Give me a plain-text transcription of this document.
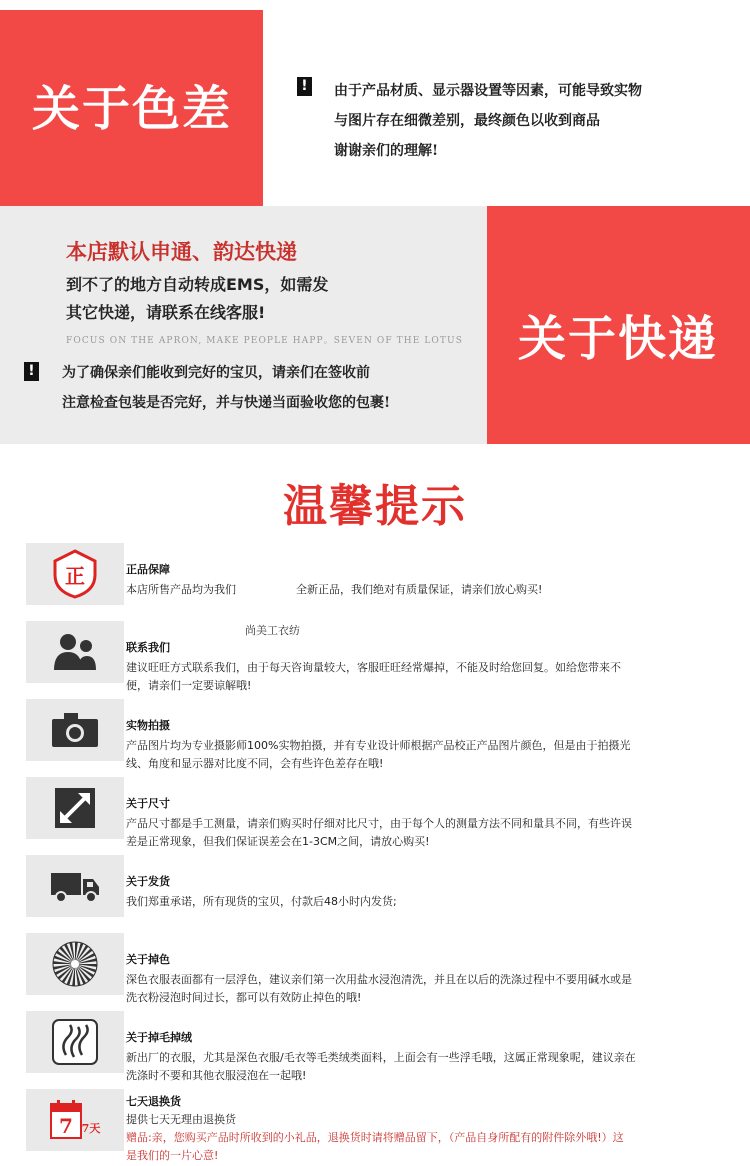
关于色差	!	由于产品材质、显示器设置等因素，可能导致实物
与图片存在细微差别，最终颜色以收到商品
谢谢亲们的理解!
关于快递
本店默认申通、韵达快递
到不了的地方自动转成EMS，如需发
其它快递，请联系在线客服!
FOCUS ON THE APRON, MAKE PEOPLE HAPP。SEVEN OF THE LOTUS
!	为了确保亲们能收到完好的宝贝，请亲们在签收前
注意检查包装是否完好，并与快递当面验收您的包裹!
温馨提示
正	正品保障
本店所售产品均为我们	全新正品，我们绝对有质量保证，请亲们放心购买!
尚美工衣纺
联系我们
建议旺旺方式联系我们，由于每天咨询量较大，客服旺旺经常爆掉，不能及时给您回复。如给您带来不
便，请亲们一定要谅解哦!
实物拍摄
产品图片均为专业摄影师100%实物拍摄，并有专业设计师根据产品校正产品图片颜色，但是由于拍摄光
线、角度和显示器对比度不同，会有些许色差存在哦!
关于尺寸
产品尺寸都是手工测量，请亲们购买时仔细对比尺寸，由于每个人的测量方法不同和量具不同，有些许误
差是正常现象，但我们保证误差会在1-3CM之间，请放心购买!
关于发货
我们郑重承诺，所有现货的宝贝，付款后48小时内发货;
关于掉色
深色衣服表面都有一层浮色，建议亲们第一次用盐水浸泡清洗，并且在以后的洗涤过程中不要用碱水或是
洗衣粉浸泡时间过长，都可以有效防止掉色的哦!
关于掉毛掉绒
新出厂的衣服，尤其是深色衣服/毛衣等毛类绒类面料，上面会有一些浮毛哦，这属正常现象呢，建议亲在
洗涤时不要和其他衣服浸泡在一起哦!
7 7天
七天退换货
提供七天无理由退换货
赠品:亲，您购买产品时所收到的小礼品，退换货时请将赠品留下，（产品自身所配有的附件除外哦!）这
是我们的一片心意!
